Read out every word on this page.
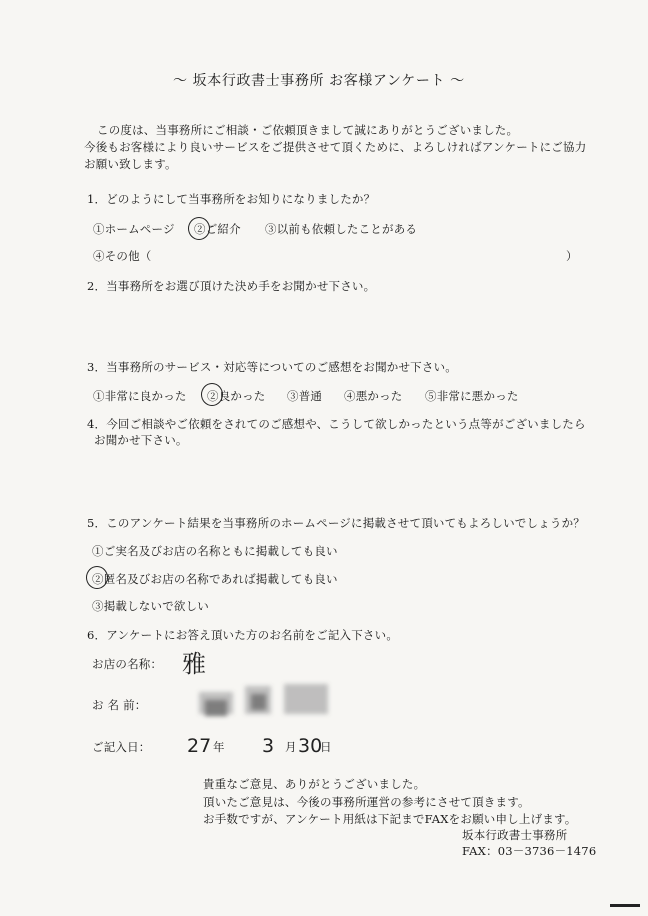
～ 坂本行政書士事務所 お客様アンケート ～
この度は、当事務所にご相談・ご依頼頂きまして誠にありがとうございました。
今後もお客様により良いサービスをご提供させて頂くために、よろしければアンケートにご協力
お願い致します。
1．どのようにして当事務所をお知りになりましたか？
①ホームページ ②ご紹介 ③以前も依頼したことがある
④その他（	）
2．当事務所をお選び頂けた決め手をお聞かせ下さい。
3．当事務所のサービス・対応等についてのご感想をお聞かせ下さい。
①非常に良かった ②良かった ③普通 ④悪かった ⑤非常に悪かった
4．今回ご相談やご依頼をされてのご感想や、こうして欲しかったという点等がございましたら
お聞かせ下さい。
5．このアンケート結果を当事務所のホームページに掲載させて頂いてもよろしいでしょうか？
①ご実名及びお店の名称ともに掲載しても良い
②匿名及びお店の名称であれば掲載しても良い
③掲載しないで欲しい
6．アンケートにお答え頂いた方のお名前をご記入下さい。
お店の名称： 雅
お 名 前：
ご記入日： 27 年 3 月 30
日
貴重なご意見、ありがとうございました。
頂いたご意見は、今後の事務所運営の参考にさせて頂きます。
お手数ですが、アンケート用紙は下記までFAXをお願い申し上げます。
坂本行政書士事務所
FAX：03－3736－1476
